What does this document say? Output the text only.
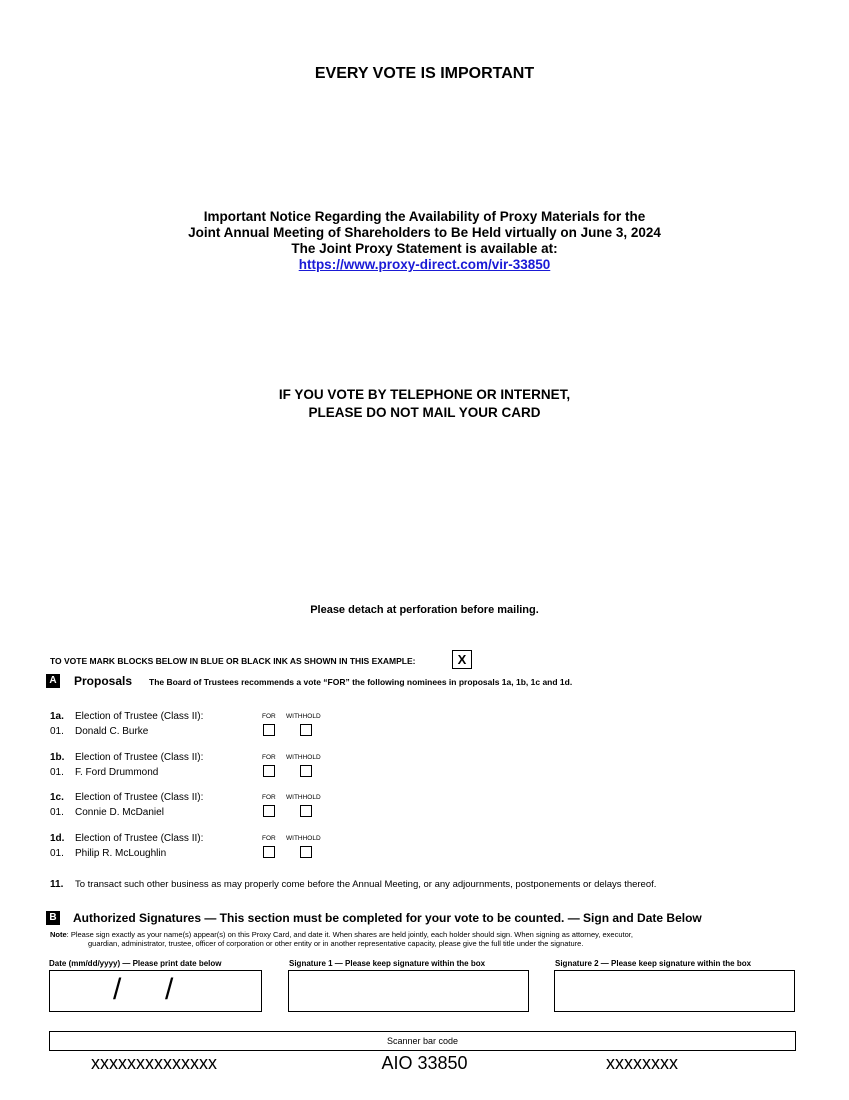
EVERY VOTE IS IMPORTANT
Important Notice Regarding the Availability of Proxy Materials for the
Joint Annual Meeting of Shareholders to Be Held virtually on June 3, 2024
The Joint Proxy Statement is available at:
https://www.proxy-direct.com/vir-33850
IF YOU VOTE BY TELEPHONE OR INTERNET,
PLEASE DO NOT MAIL YOUR CARD
Please detach at perforation before mailing.
TO VOTE MARK BLOCKS BELOW IN BLUE OR BLACK INK AS SHOWN IN THIS EXAMPLE:	X
A Proposals The Board of Trustees recommends a vote “FOR” the following nominees in proposals 1a, 1b, 1c and 1d.
1a. Election of Trustee (Class II):	FOR WITHHOLD
01. Donald C. Burke
1b. Election of Trustee (Class II):	FOR WITHHOLD
01. F. Ford Drummond
1c. Election of Trustee (Class II):	FOR WITHHOLD
01. Connie D. McDaniel
1d. Election of Trustee (Class II):	FOR WITHHOLD
01. Philip R. McLoughlin
11. To transact such other business as may properly come before the Annual Meeting, or any adjournments, postponements or delays thereof.
B Authorized Signatures — This section must be completed for your vote to be counted. — Sign and Date Below
Note: Please sign exactly as your name(s) appear(s) on this Proxy Card, and date it. When shares are held jointly, each holder should sign. When signing as attorney, executor,
guardian, administrator, trustee, officer of corporation or other entity or in another representative capacity, please give the full title under the signature.
Date (mm/dd/yyyy) — Please print date below	Signature 1 — Please keep signature within the box	Signature 2 — Please keep signature within the box
/ /
Scanner bar code
xxxxxxxxxxxxxx	AIO 33850	xxxxxxxx
